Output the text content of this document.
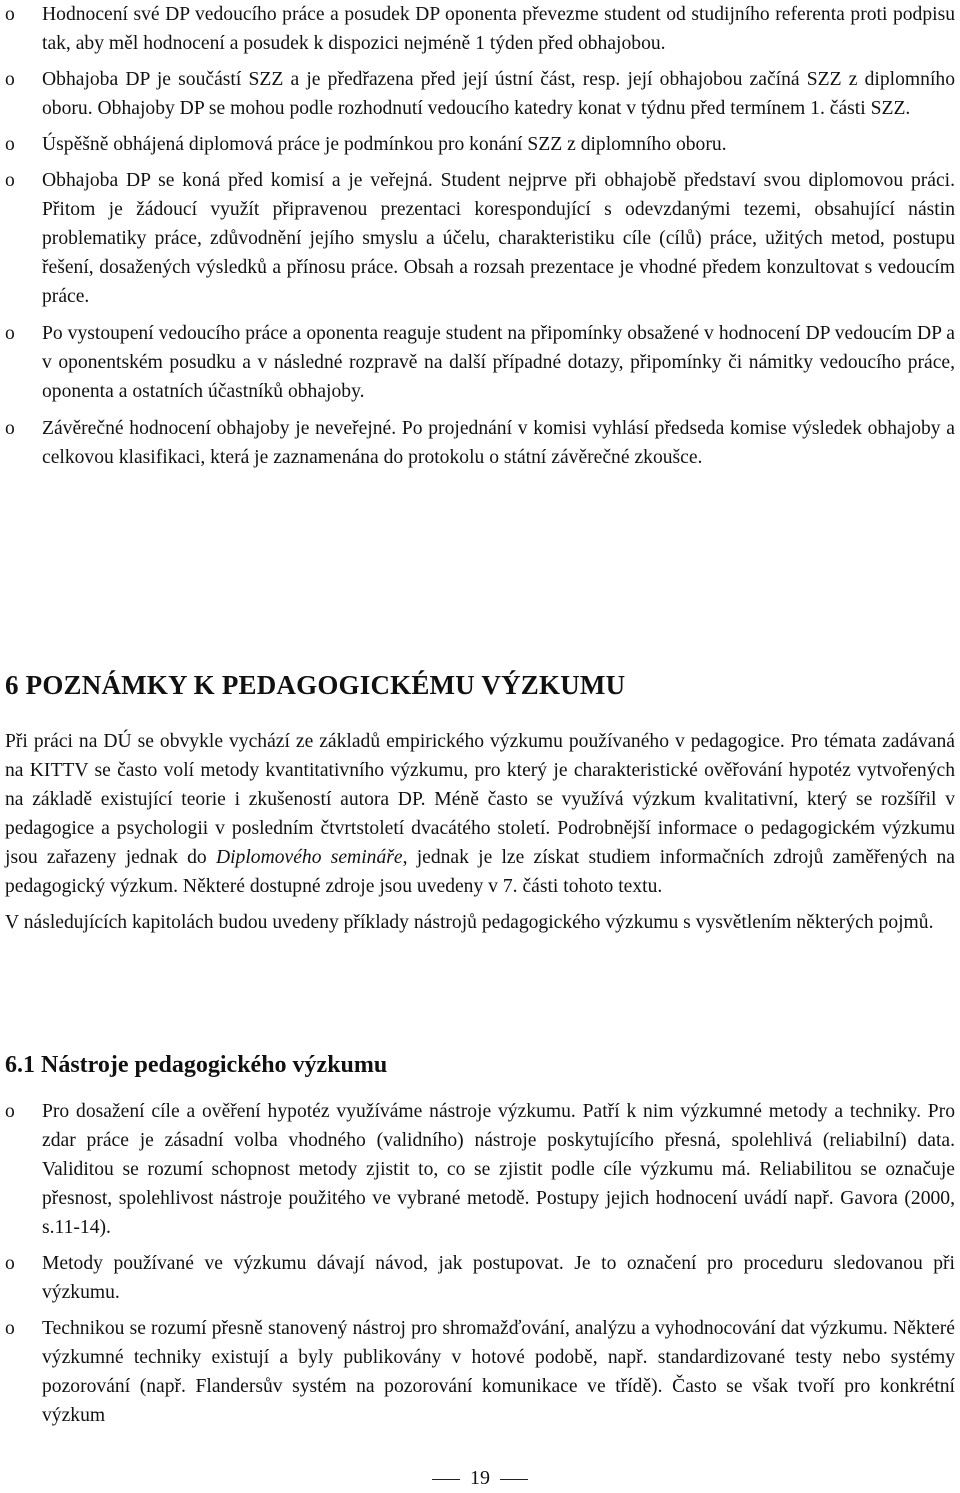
o	Hodnocení své DP vedoucího práce a posudek DP oponenta převezme student od studijního referenta proti podpisu tak, aby měl hodnocení a posudek k dispozici nejméně 1 týden před obhajobou.
o	Obhajoba DP je součástí SZZ a je předřazena před její ústní část, resp. její obhajobou začíná SZZ z diplomního oboru. Obhajoby DP se mohou podle rozhodnutí vedoucího katedry konat v týdnu před termínem 1. části SZZ.
o	Úspěšně obhájená diplomová práce je podmínkou pro konání SZZ z diplomního oboru.
o	Obhajoba DP se koná před komisí a je veřejná. Student nejprve při obhajobě představí svou diplomovou práci. Přitom je žádoucí využít připravenou prezentaci korespondující s odevzdanými tezemi, obsahující nástin problematiky práce, zdůvodnění jejího smyslu a účelu, charakteristiku cíle (cílů) práce, užitých metod, postupu řešení, dosažených výsledků a přínosu práce. Obsah a rozsah prezentace je vhodné předem konzultovat s vedoucím práce.
o	Po vystoupení vedoucího práce a oponenta reaguje student na připomínky obsažené v hodnocení DP vedoucím DP a v oponentském posudku a v následné rozpravě na další případné dotazy, připomínky či námitky vedoucího práce, oponenta a ostatních účastníků obhajoby.
o	Závěrečné hodnocení obhajoby je neveřejné. Po projednání v komisi vyhlásí předseda komise výsledek obhajoby a celkovou klasifikaci, která je zaznamenána do protokolu o státní závěrečné zkoušce.
6 POZNÁMKY K PEDAGOGICKÉMU VÝZKUMU

Při práci na DÚ se obvykle vychází ze základů empirického výzkumu používaného v pedagogice. Pro témata zadávaná na KITTV se často volí metody kvantitativního výzkumu, pro který je charakteristické ověřování hypotéz vytvořených na základě existující teorie i zkušeností autora DP. Méně často se využívá výzkum kvalitativní, který se rozšířil v pedagogice a psychologii v posledním čtvrtstoletí dvacátého století. Podrobnější informace o pedagogickém výzkumu jsou zařazeny jednak do Diplomového semináře, jednak je lze získat studiem informačních zdrojů zaměřených na pedagogický výzkum. Některé dostupné zdroje jsou uvedeny v 7. části tohoto textu.

V následujících kapitolách budou uvedeny příklady nástrojů pedagogického výzkumu s vysvětlením některých pojmů.

6.1 Nástroje pedagogického výzkumu
o	Pro dosažení cíle a ověření hypotéz využíváme nástroje výzkumu. Patří k nim výzkumné metody a techniky. Pro zdar práce je zásadní volba vhodného (validního) nástroje poskytujícího přesná, spolehlivá (reliabilní) data. Validitou se rozumí schopnost metody zjistit to, co se zjistit podle cíle výzkumu má. Reliabilitou se označuje přesnost, spolehlivost nástroje použitého ve vybrané metodě. Postupy jejich hodnocení uvádí např. Gavora (2000, s.11-14).
o	Metody používané ve výzkumu dávají návod, jak postupovat. Je to označení pro proceduru sledovanou při výzkumu.
o	Technikou se rozumí přesně stanovený nástroj pro shromažďování, analýzu a vyhodnocování dat výzkumu. Některé výzkumné techniky existují a byly publikovány v hotové podobě, např. standardizované testy nebo systémy pozorování (např. Flandersův systém na pozorování komunikace ve třídě). Často se však tvoří pro konkrétní výzkum
19
